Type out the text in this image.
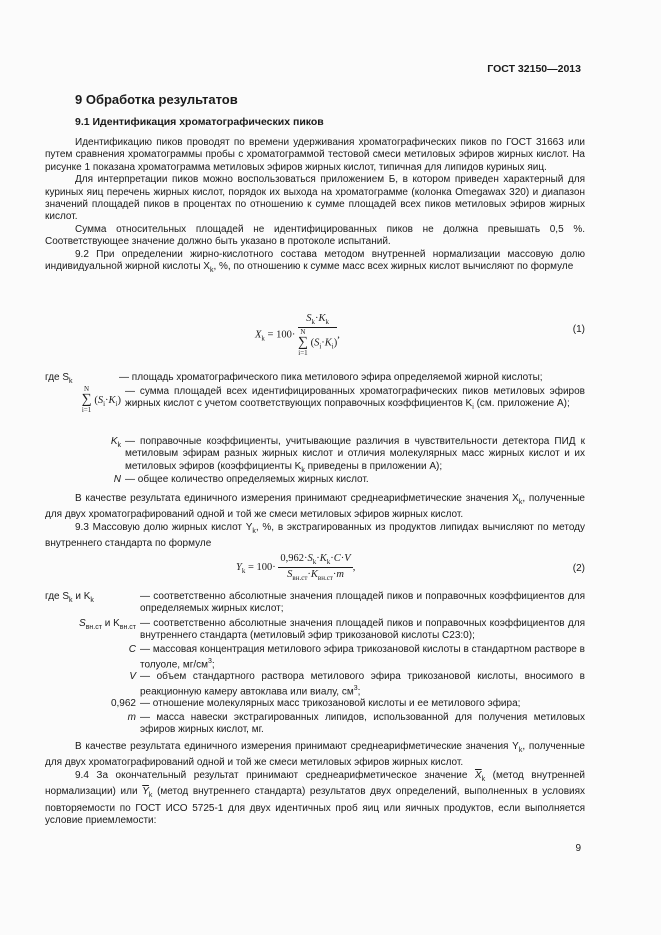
ГОСТ 32150—2013
9 Обработка результатов
9.1 Идентификация хроматографических пиков
Идентификацию пиков проводят по времени удерживания хроматографических пиков по ГОСТ 31663 или путем сравнения хроматограммы пробы с хроматограммой тестовой смеси метиловых эфиров жирных кислот. На рисунке 1 показана хроматограмма метиловых эфиров жирных кислот, типичная для липидов куриных яиц.
Для интерпретации пиков можно воспользоваться приложением Б, в котором приведен характерный для куриных яиц перечень жирных кислот, порядок их выхода на хроматограмме (колонка Omegawax 320) и диапазон значений площадей пиков в процентах по отношению к сумме площадей всех пиков метиловых эфиров жирных кислот.
Сумма относительных площадей не идентифицированных пиков не должна превышать 0,5 %. Соответствующее значение должно быть указано в протоколе испытаний.
9.2 При определении жирно-кислотного состава методом внутренней нормализации массовую долю индивидуальной жирной кислоты $X_k$, %, по отношению к сумме масс всех жирных кислот вычисляют по формуле
$X_k = 100\cdot S_k\cdot K_k$
N
∑
i=1 $(S_i\cdot K_i)$ ,	(1)
где $S_k$	— площадь хроматографического пика метилового эфира определяемой жирной кислоты;
N
∑
i=1 $(S_i\cdot K_i)$
— сумма площадей всех идентифицированных хроматографических пиков метиловых эфиров жирных кислот с учетом соответствующих поправочных коэффициентов $K_i$ (см. приложение А);
$K_k$ — поправочные коэффициенты, учитывающие различия в чувствительности детектора ПИД к метиловым эфирам разных жирных кислот и отличия молекулярных масс жирных кислот и их метиловых эфиров (коэффициенты $K_k$ приведены в приложении А);
N — общее количество определяемых жирных кислот.
В качестве результата единичного измерения принимают среднеарифметические значения $X_k$, полученные для двух хроматографирований одной и той же смеси метиловых эфиров жирных кислот.
9.3 Массовую долю жирных кислот $Y_k$, %, в экстрагированных из продуктов липидах вычисляют по методу внутреннего стандарта по формуле
$Y_k = 100\cdot \frac{0,962\cdot S_k\cdot K_k\cdot C\cdot V}{S_{вн.ст}\cdot K_{вн.ст}\cdot m}$ ,	(2)
где $S_k$ и $K_k$	— соответственно абсолютные значения площадей пиков и поправочных коэффициентов для определяемых жирных кислот;
$S_{вн.ст}$ и $K_{вн.ст}$ — соответственно абсолютные значения площадей пиков и поправочных коэффициентов для внутреннего стандарта (метиловый эфир трикозановой кислоты C23:0);
C — массовая концентрация метилового эфира трикозановой кислоты в стандартном растворе в толуоле, $мг/см^3$;
V — объем стандартного раствора метилового эфира трикозановой кислоты, вносимого в реакционную камеру автоклава или виалу, $см^3$;
0,962 — отношение молекулярных масс трикозановой кислоты и ее метилового эфира;
m — масса навески экстрагированных липидов, использованной для получения метиловых эфиров жирных кислот, мг.
В качестве результата единичного измерения принимают среднеарифметические значения $Y_k$, полученные для двух хроматографирований одной и той же смеси метиловых эфиров жирных кислот.
9.4 За окончательный результат принимают среднеарифметическое значение $\overline{X}_k$ (метод внутренней нормализации) или $\overline{Y}_k$ (метод внутреннего стандарта) результатов двух определений, выполненных в условиях повторяемости по ГОСТ ИСО 5725-1 для двух идентичных проб яиц или яичных продуктов, если выполняется условие приемлемости:
9
